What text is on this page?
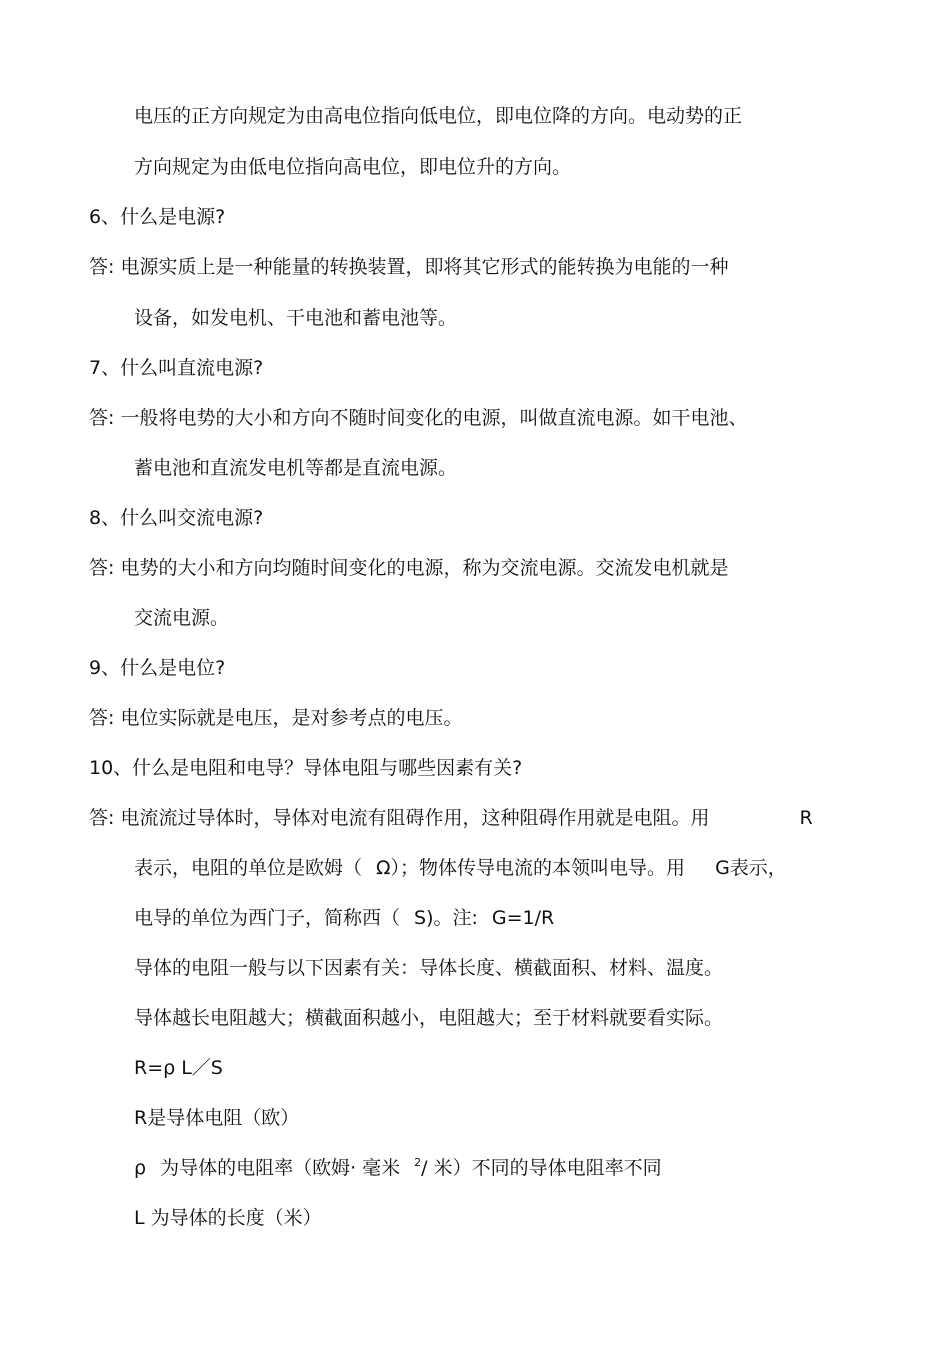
电压的正方向规定为由高电位指向低电位，即电位降的方向。电动势的正
方向规定为由低电位指向高电位，即电位升的方向。
6、什么是电源?
答: 电源实质上是一种能量的转换装置，即将其它形式的能转换为电能的一种
设备，如发电机、干电池和蓄电池等。
7、什么叫直流电源?
答: 一般将电势的大小和方向不随时间变化的电源，叫做直流电源。如干电池、
蓄电池和直流发电机等都是直流电源。
8、什么叫交流电源?
答: 电势的大小和方向均随时间变化的电源，称为交流电源。交流发电机就是
交流电源。
9、什么是电位?
答: 电位实际就是电压，是对参考点的电压。
10、什么是电阻和电导？导体电阻与哪些因素有关?
答: 电流流过导体时，导体对电流有阻碍作用，这种阻碍作用就是电阻。用	R
表示，电阻的单位是欧姆（ Ω）；物体传导电流的本领叫电导。用 G表示，
电导的单位为西门子，简称西（ S)。注: G=1/R
导体的电阻一般与以下因素有关：导体长度、横截面积、材料、温度。
导体越长电阻越大；横截面积越小，电阻越大；至于材料就要看实际。
R=ρ L／S
R是导体电阻（欧）
ρ 为导体的电阻率（欧姆· 毫米 $^2$/ 米）不同的导体电阻率不同
L 为导体的长度（米）
